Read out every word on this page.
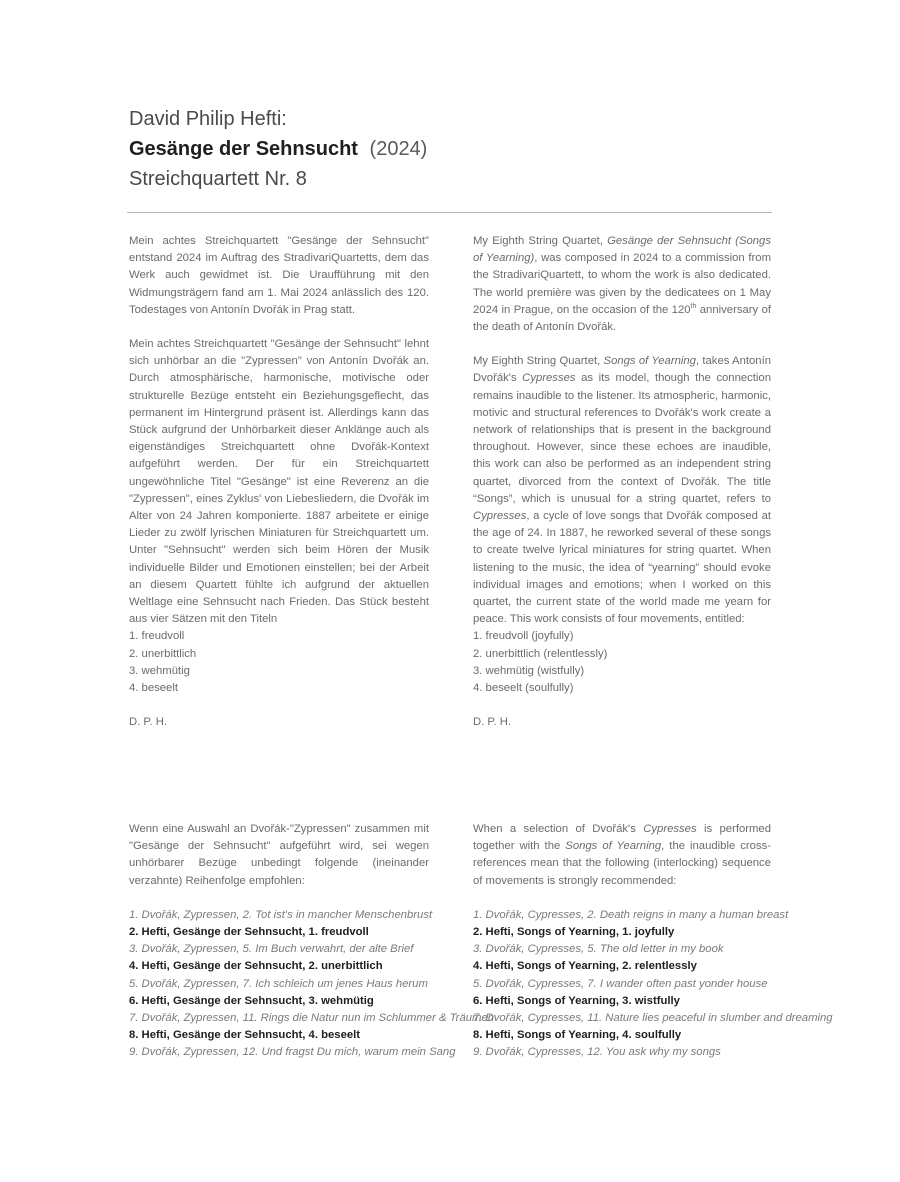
David Philip Hefti:
Gesänge der Sehnsucht (2024)
Streichquartett Nr. 8

Mein achtes Streichquartett "Gesänge der Sehnsucht" entstand 2024 im Auftrag des StradivariQuartetts, dem das Werk auch gewidmet ist. Die Uraufführung mit den Widmungsträgern fand am 1. Mai 2024 anlässlich des 120. Todestages von Antonín Dvořák in Prag statt.

Mein achtes Streichquartett "Gesänge der Sehnsucht" lehnt sich unhörbar an die "Zypressen" von Antonín Dvořák an. Durch atmosphärische, harmonische, motivische oder strukturelle Bezüge entsteht ein Beziehungsgeflecht, das permanent im Hintergrund präsent ist. Allerdings kann das Stück aufgrund der Unhörbarkeit dieser Anklänge auch als eigenständiges Streichquartett ohne Dvořák-Kontext aufgeführt werden. Der für ein Streichquartett ungewöhnliche Titel "Gesänge" ist eine Reverenz an die "Zypressen", eines Zyklus' von Liebesliedern, die Dvořák im Alter von 24 Jahren komponierte. 1887 arbeitete er einige Lieder zu zwölf lyrischen Miniaturen für Streichquartett um. Unter "Sehnsucht" werden sich beim Hören der Musik individuelle Bilder und Emotionen einstellen; bei der Arbeit an diesem Quartett fühlte ich aufgrund der aktuellen Weltlage eine Sehnsucht nach Frieden. Das Stück besteht aus vier Sätzen mit den Titeln

1. freudvoll
2. unerbittlich
3. wehmütig
4. beseelt
D. P. H.

My Eighth String Quartet, Gesänge der Sehnsucht (Songs of Yearning), was composed in 2024 to a commission from the StradivariQuartett, to whom the work is also dedicated. The world première was given by the dedicatees on 1 May 2024 in Prague, on the occasion of the 120th anniversary of the death of Antonín Dvořák.

My Eighth String Quartet, Songs of Yearning, takes Antonín Dvořák's Cypresses as its model, though the connection remains inaudible to the listener. Its atmospheric, harmonic, motivic and structural references to Dvořák's work create a network of relationships that is present in the background throughout. However, since these echoes are inaudible, this work can also be performed as an independent string quartet, divorced from the context of Dvořák. The title “Songs”, which is unusual for a string quartet, refers to Cypresses, a cycle of love songs that Dvořák composed at the age of 24. In 1887, he reworked several of these songs to create twelve lyrical miniatures for string quartet. When listening to the music, the idea of “yearning” should evoke individual images and emotions; when I worked on this quartet, the current state of the world made me yearn for peace. This work consists of four movements, entitled:

1. freudvoll (joyfully)
2. unerbittlich (relentlessly)
3. wehmütig (wistfully)
4. beseelt (soulfully)
D. P. H.

Wenn eine Auswahl an Dvořák-"Zypressen" zusammen mit "Gesänge der Sehnsucht" aufgeführt wird, sei wegen unhörbarer Bezüge unbedingt folgende (ineinander verzahnte) Reihenfolge empfohlen:

1. Dvořák, Zypressen, 2. Tot ist's in mancher Menschenbrust
2. Hefti, Gesänge der Sehnsucht, 1. freudvoll
3. Dvořák, Zypressen, 5. Im Buch verwahrt, der alte Brief
4. Hefti, Gesänge der Sehnsucht, 2. unerbittlich
5. Dvořák, Zypressen, 7. Ich schleich um jenes Haus herum
6. Hefti, Gesänge der Sehnsucht, 3. wehmütig
7. Dvořák, Zypressen, 11. Rings die Natur nun im Schlummer & Träumen
8. Hefti, Gesänge der Sehnsucht, 4. beseelt
9. Dvořák, Zypressen, 12. Und fragst Du mich, warum mein Sang

When a selection of Dvořák's Cypresses is performed together with the Songs of Yearning, the inaudible cross-references mean that the following (interlocking) sequence of movements is strongly recommended:

1. Dvořák, Cypresses, 2. Death reigns in many a human breast
2. Hefti, Songs of Yearning, 1. joyfully
3. Dvořák, Cypresses, 5. The old letter in my book
4. Hefti, Songs of Yearning, 2. relentlessly
5. Dvořák, Cypresses, 7. I wander often past yonder house
6. Hefti, Songs of Yearning, 3. wistfully
7. Dvořák, Cypresses, 11. Nature lies peaceful in slumber and dreaming
8. Hefti, Songs of Yearning, 4. soulfully
9. Dvořák, Cypresses, 12. You ask why my songs
